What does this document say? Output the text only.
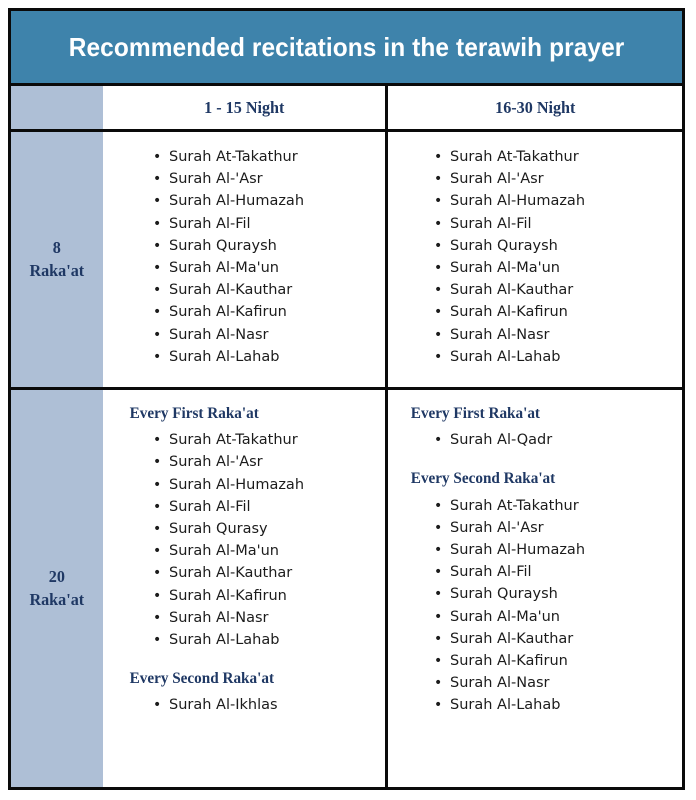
Recommended recitations in the terawih prayer
1 - 15 Night	16-30 Night
8
Raka'at
• Surah At-Takathur
• Surah Al-'Asr
• Surah Al-Humazah
• Surah Al-Fil
• Surah Quraysh
• Surah Al-Ma'un
• Surah Al-Kauthar
• Surah Al-Kafirun
• Surah Al-Nasr
• Surah Al-Lahab
• Surah At-Takathur
• Surah Al-'Asr
• Surah Al-Humazah
• Surah Al-Fil
• Surah Quraysh
• Surah Al-Ma'un
• Surah Al-Kauthar
• Surah Al-Kafirun
• Surah Al-Nasr
• Surah Al-Lahab
20
Raka'at
Every First Raka'at
• Surah At-Takathur
• Surah Al-'Asr
• Surah Al-Humazah
• Surah Al-Fil
• Surah Qurasy
• Surah Al-Ma'un
• Surah Al-Kauthar
• Surah Al-Kafirun
• Surah Al-Nasr
• Surah Al-Lahab
Every Second Raka'at
• Surah Al-Ikhlas
Every First Raka'at
• Surah Al-Qadr
Every Second Raka'at
• Surah At-Takathur
• Surah Al-'Asr
• Surah Al-Humazah
• Surah Al-Fil
• Surah Quraysh
• Surah Al-Ma'un
• Surah Al-Kauthar
• Surah Al-Kafirun
• Surah Al-Nasr
• Surah Al-Lahab
